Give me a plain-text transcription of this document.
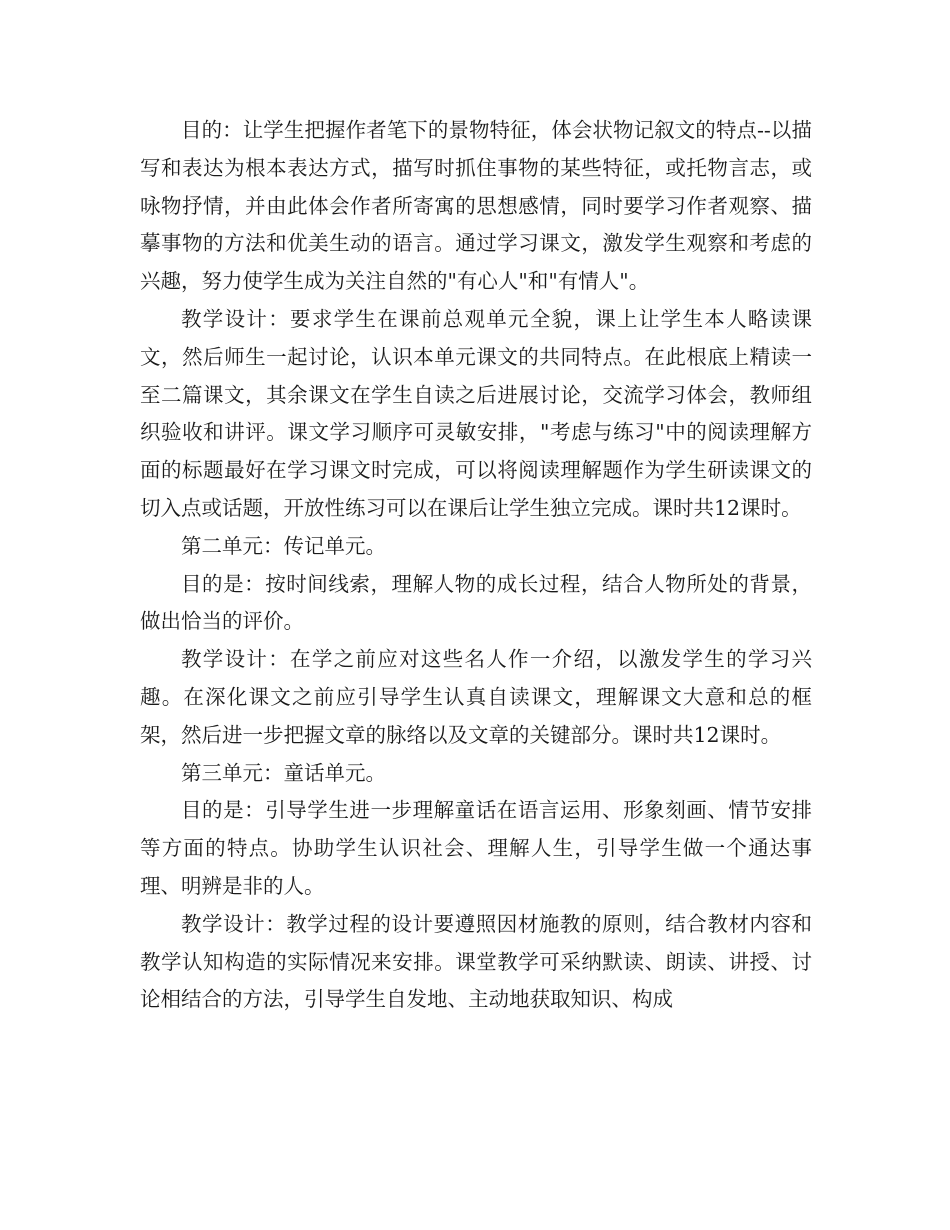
目的：让学生把握作者笔下的景物特征，体会状物记叙文的特点--以描写和表达为根本表达方式，描写时抓住事物的某些特征，或托物言志，或咏物抒情，并由此体会作者所寄寓的思想感情，同时要学习作者观察、描摹事物的方法和优美生动的语言。通过学习课文，激发学生观察和考虑的兴趣，努力使学生成为关注自然的"有心人"和"有情人"。

教学设计：要求学生在课前总观单元全貌，课上让学生本人略读课文，然后师生一起讨论，认识本单元课文的共同特点。在此根底上精读一至二篇课文，其余课文在学生自读之后进展讨论，交流学习体会，教师组织验收和讲评。课文学习顺序可灵敏安排，"考虑与练习"中的阅读理解方面的标题最好在学习课文时完成，可以将阅读理解题作为学生研读课文的切入点或话题，开放性练习可以在课后让学生独立完成。课时共12课时。

第二单元：传记单元。

目的是：按时间线索，理解人物的成长过程，结合人物所处的背景，做出恰当的评价。

教学设计：在学之前应对这些名人作一介绍，以激发学生的学习兴趣。在深化课文之前应引导学生认真自读课文，理解课文大意和总的框架，然后进一步把握文章的脉络以及文章的关键部分。课时共12课时。

第三单元：童话单元。

目的是：引导学生进一步理解童话在语言运用、形象刻画、情节安排等方面的特点。协助学生认识社会、理解人生，引导学生做一个通达事理、明辨是非的人。

教学设计：教学过程的设计要遵照因材施教的原则，结合教材内容和教学认知构造的实际情况来安排。课堂教学可采纳默读、朗读、讲授、讨论相结合的方法，引导学生自发地、主动地获取知识、构成
